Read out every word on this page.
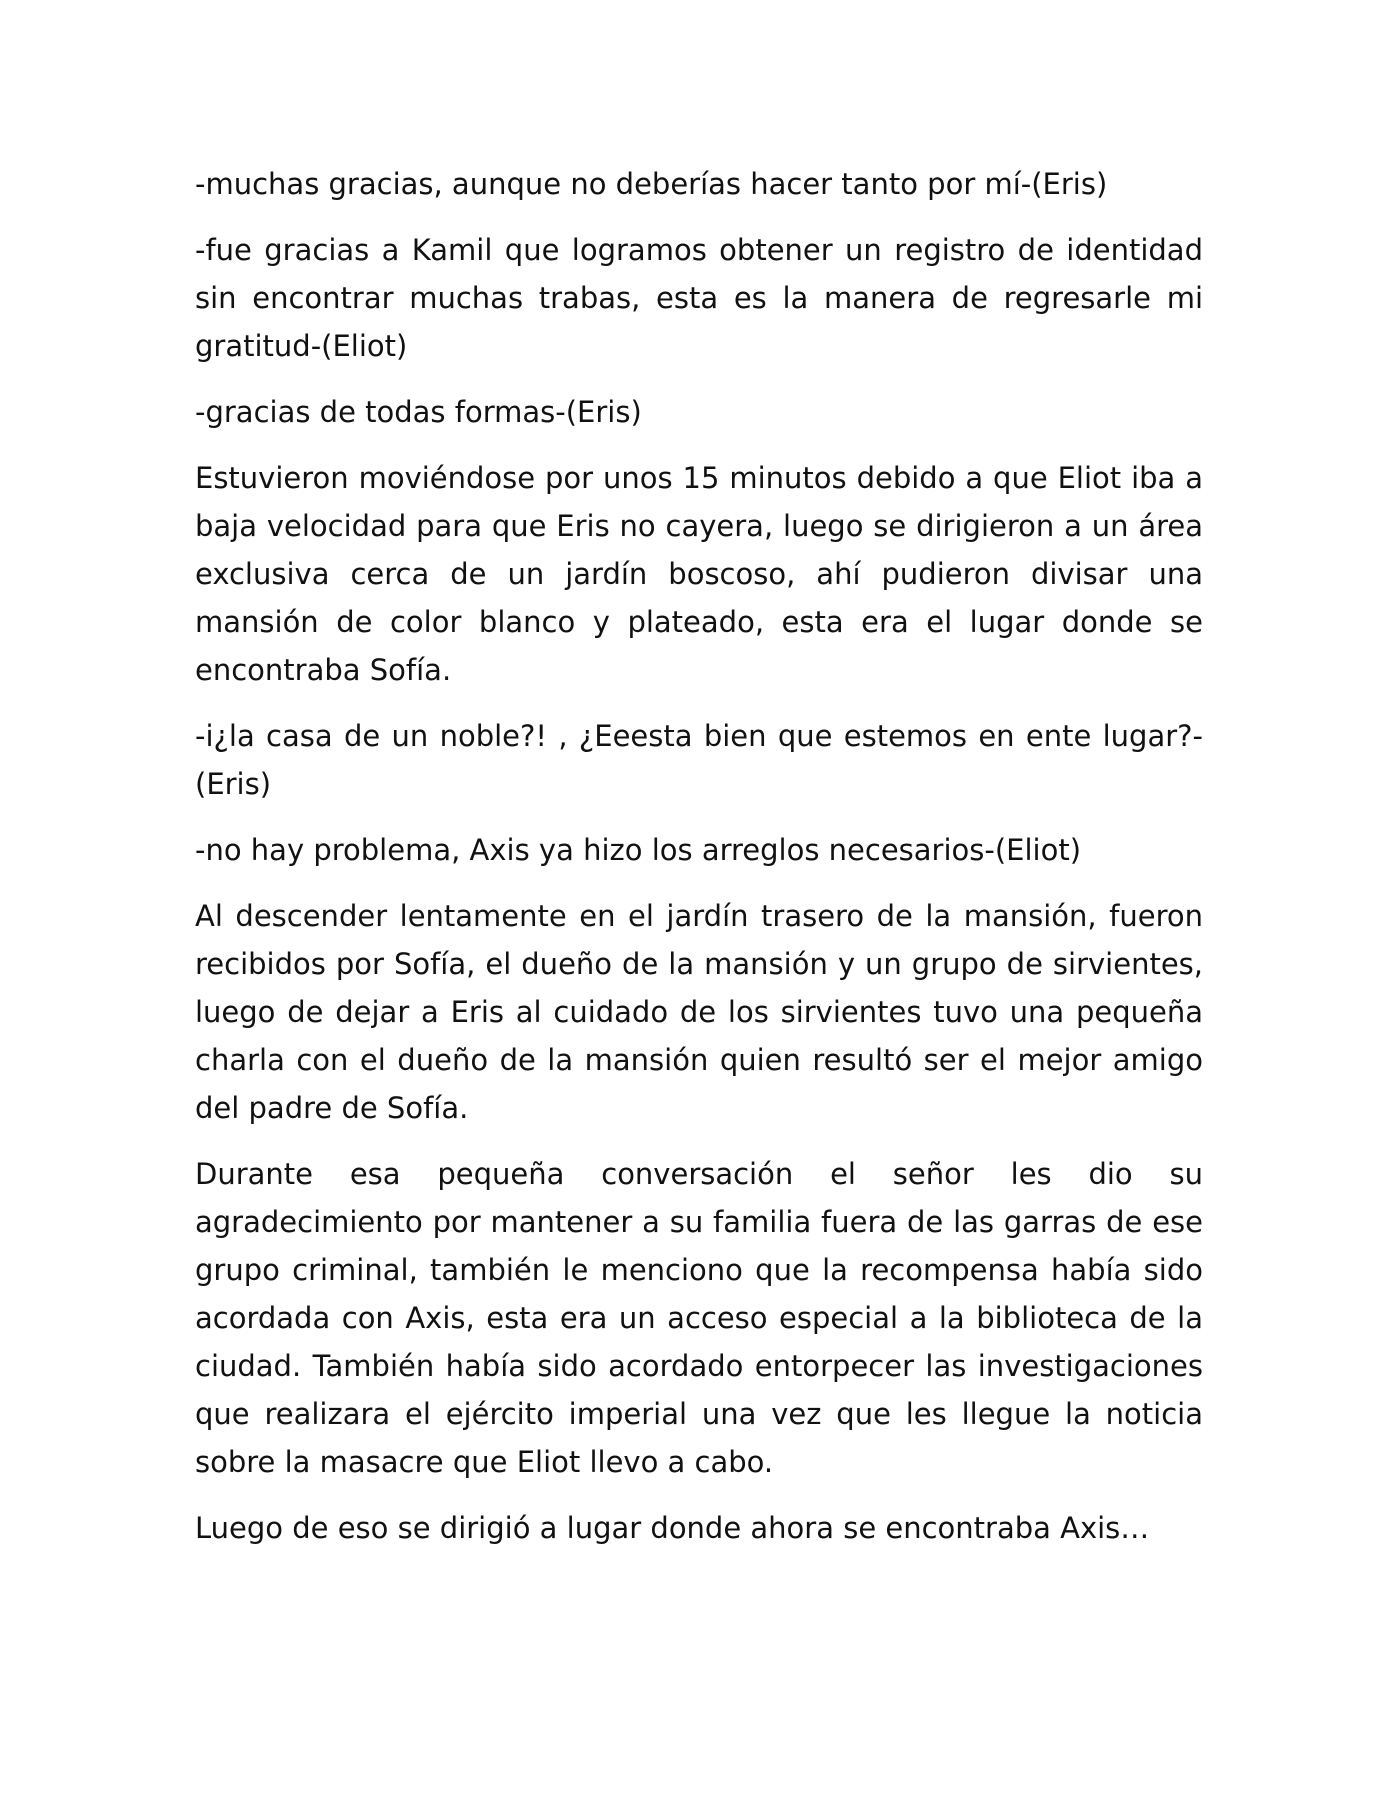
-muchas gracias, aunque no deberías hacer tanto por mí-(Eris)

-fue gracias a Kamil que logramos obtener un registro de identidad sin encontrar muchas trabas, esta es la manera de regresarle mi gratitud-(Eliot)

-gracias de todas formas-(Eris)

Estuvieron moviéndose por unos 15 minutos debido a que Eliot iba a baja velocidad para que Eris no cayera, luego se dirigieron a un área exclusiva cerca de un jardín boscoso, ahí pudieron divisar una mansión de color blanco y plateado, esta era el lugar donde se encontraba Sofía.

-i¿la casa de un noble?! , ¿Eeesta bien que estemos en ente lugar?-(Eris)

-no hay problema, Axis ya hizo los arreglos necesarios-(Eliot)

Al descender lentamente en el jardín trasero de la mansión, fueron recibidos por Sofía, el dueño de la mansión y un grupo de sirvientes, luego de dejar a Eris al cuidado de los sirvientes tuvo una pequeña charla con el dueño de la mansión quien resultó ser el mejor amigo del padre de Sofía.

Durante esa pequeña conversación el señor les dio su agradecimiento por mantener a su familia fuera de las garras de ese grupo criminal, también le menciono que la recompensa había sido acordada con Axis, esta era un acceso especial a la biblioteca de la ciudad. También había sido acordado entorpecer las investigaciones que realizara el ejército imperial una vez que les llegue la noticia sobre la masacre que Eliot llevo a cabo.

Luego de eso se dirigió a lugar donde ahora se encontraba Axis…
